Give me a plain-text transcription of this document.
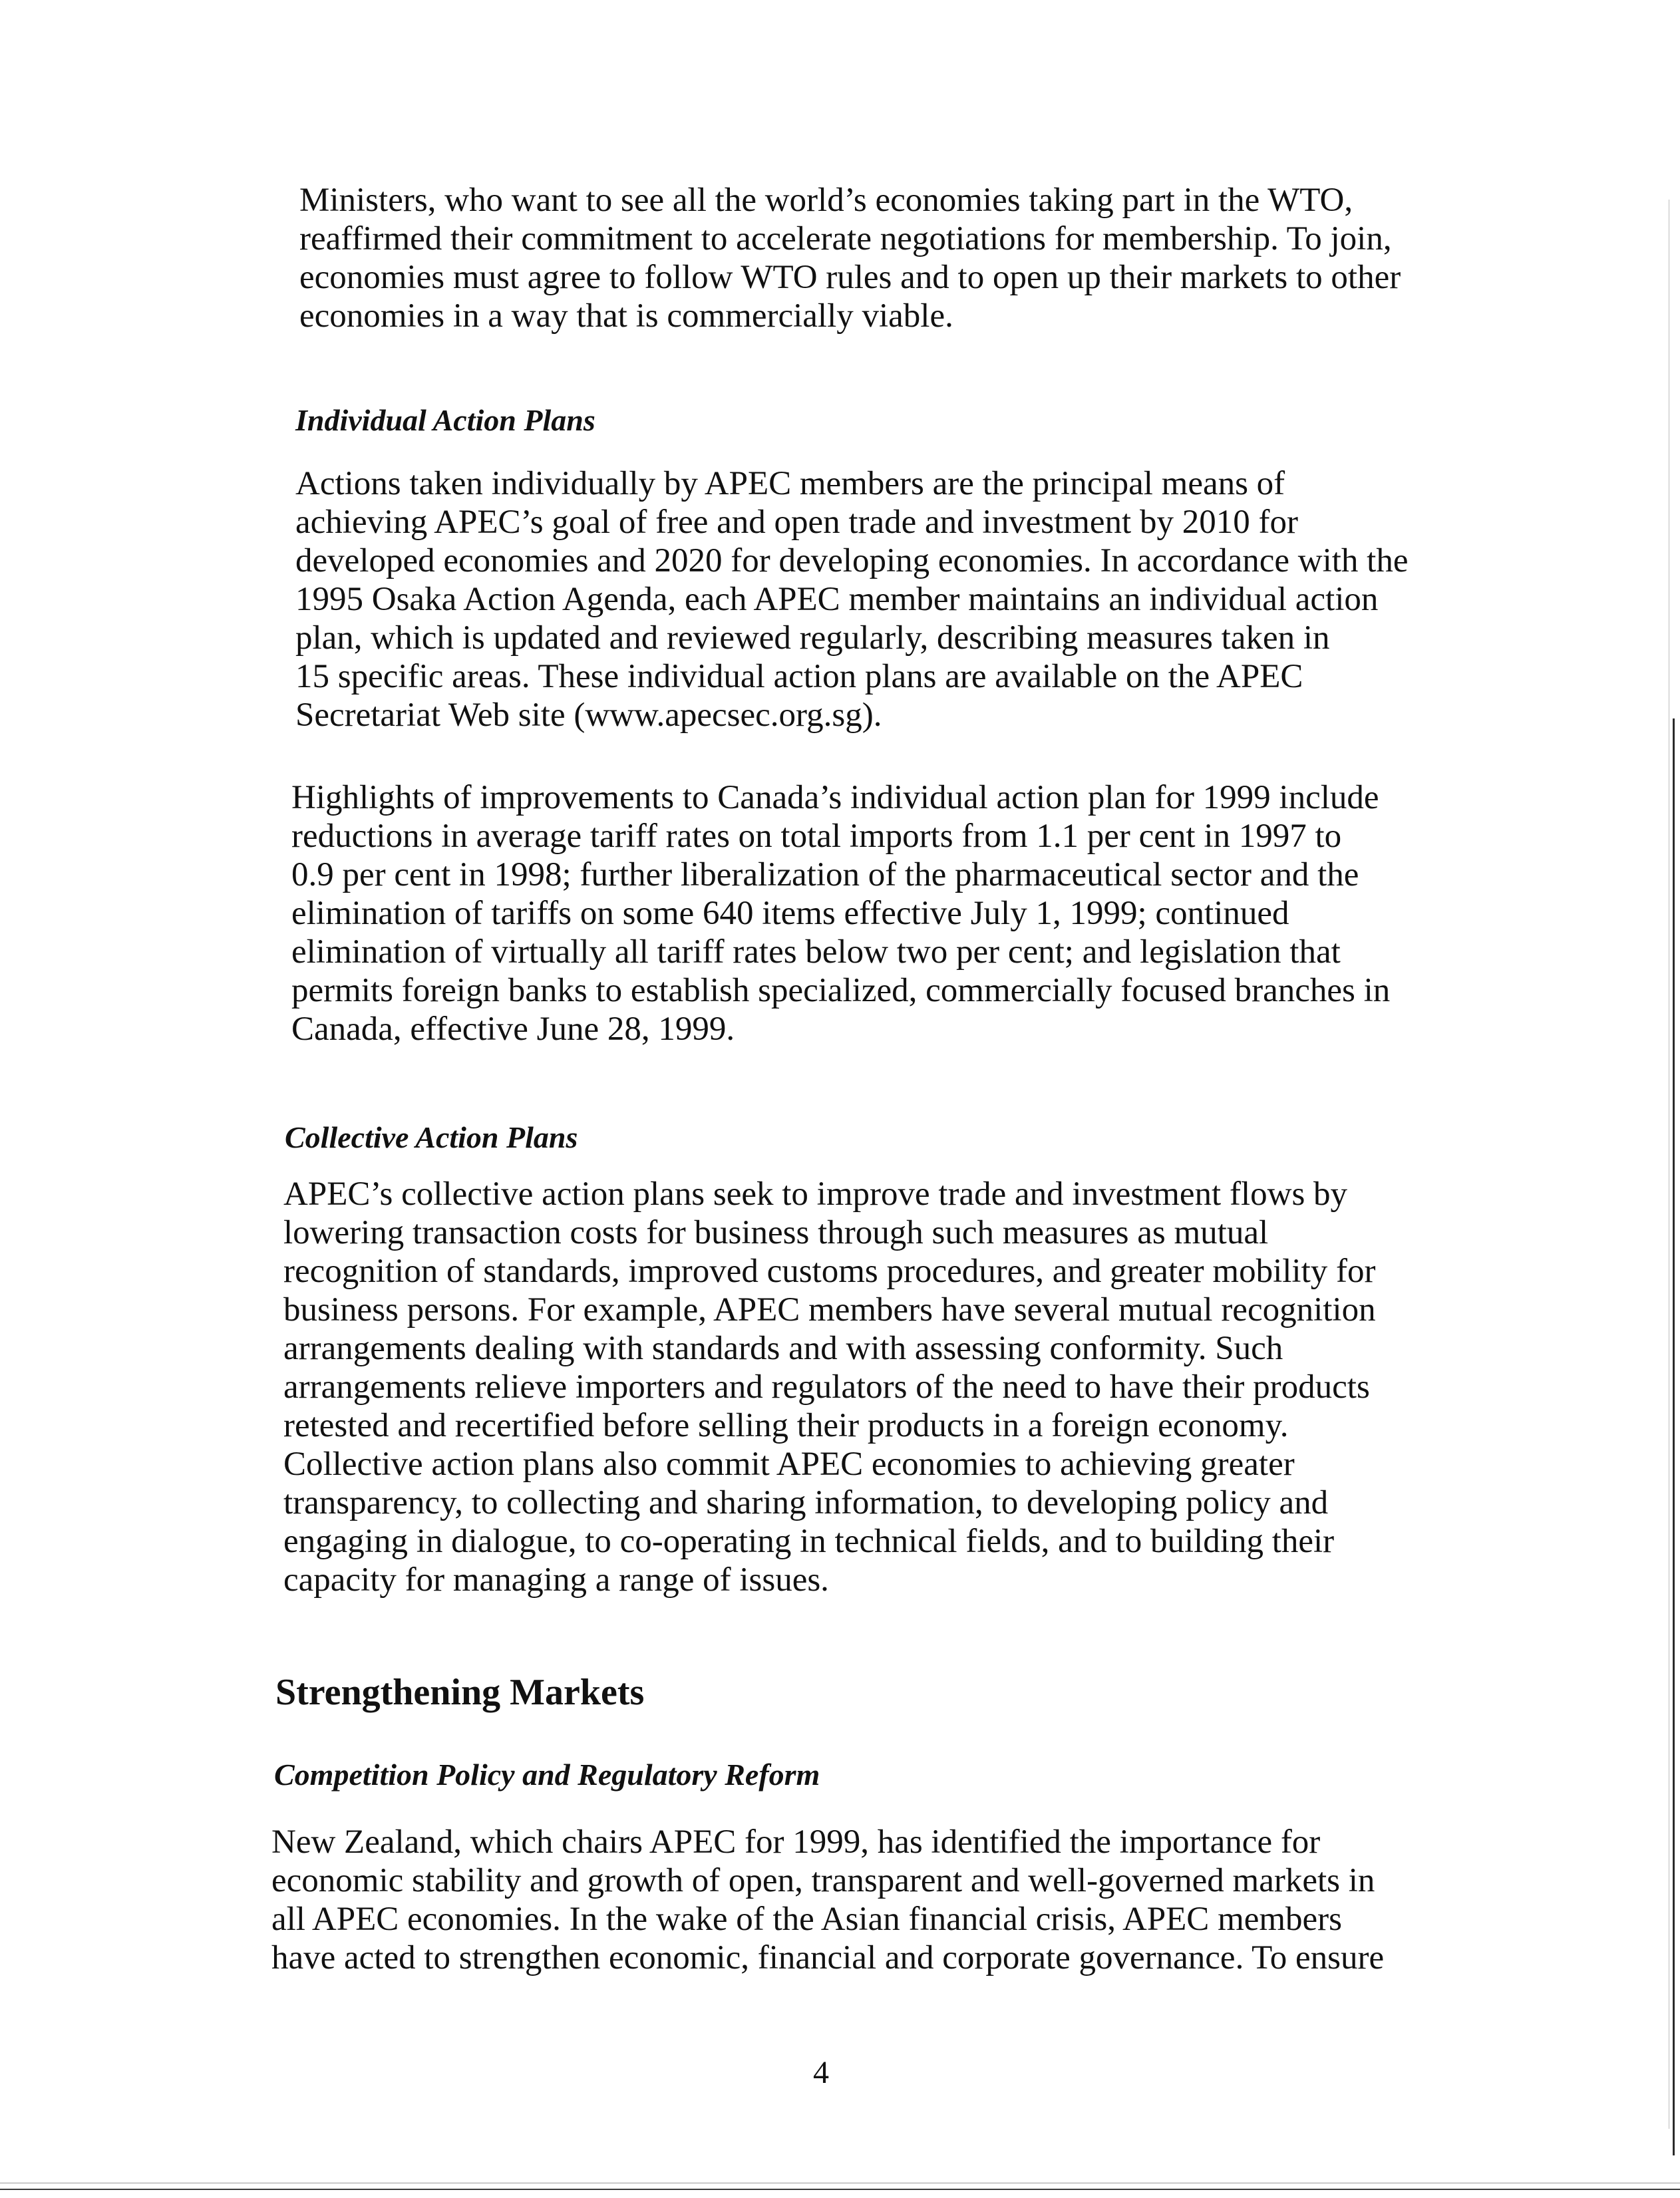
Ministers, who want to see all the world’s economies taking part in the WTO,
reaffirmed their commitment to accelerate negotiations for membership. To join,
economies must agree to follow WTO rules and to open up their markets to other
economies in a way that is commercially viable.

Individual Action Plans

Actions taken individually by APEC members are the principal means of
achieving APEC’s goal of free and open trade and investment by 2010 for
developed economies and 2020 for developing economies. In accordance with the
1995 Osaka Action Agenda, each APEC member maintains an individual action
plan, which is updated and reviewed regularly, describing measures taken in
15 specific areas. These individual action plans are available on the APEC
Secretariat Web site (www.apecsec.org.sg).

Highlights of improvements to Canada’s individual action plan for 1999 include
reductions in average tariff rates on total imports from 1.1 per cent in 1997 to
0.9 per cent in 1998; further liberalization of the pharmaceutical sector and the
elimination of tariffs on some 640 items effective July 1, 1999; continued
elimination of virtually all tariff rates below two per cent; and legislation that
permits foreign banks to establish specialized, commercially focused branches in
Canada, effective June 28, 1999.

Collective Action Plans

APEC’s collective action plans seek to improve trade and investment flows by
lowering transaction costs for business through such measures as mutual
recognition of standards, improved customs procedures, and greater mobility for
business persons. For example, APEC members have several mutual recognition
arrangements dealing with standards and with assessing conformity. Such
arrangements relieve importers and regulators of the need to have their products
retested and recertified before selling their products in a foreign economy.
Collective action plans also commit APEC economies to achieving greater
transparency, to collecting and sharing information, to developing policy and
engaging in dialogue, to co-operating in technical fields, and to building their
capacity for managing a range of issues.

Strengthening Markets
Competition Policy and Regulatory Reform

New Zealand, which chairs APEC for 1999, has identified the importance for
economic stability and growth of open, transparent and well-governed markets in
all APEC economies. In the wake of the Asian financial crisis, APEC members
have acted to strengthen economic, financial and corporate governance. To ensure

4
